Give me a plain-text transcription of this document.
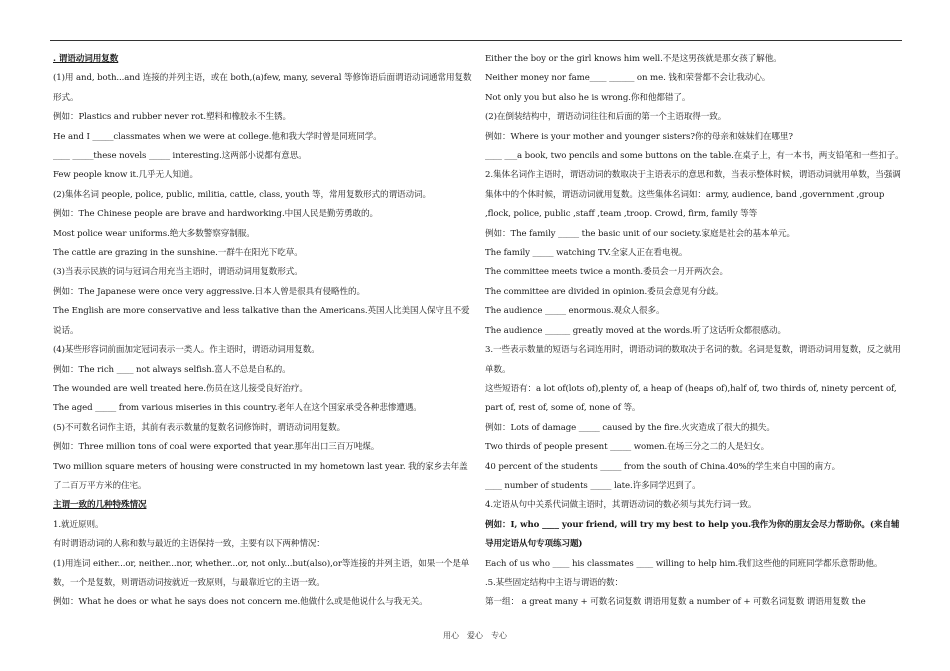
. 谓语动词用复数

(1)用 and, both...and 连接的并列主语，或在 both,(a)few, many, several 等修饰语后面谓语动词通常用复数形式。

例如：Plastics and rubber never rot.塑料和橡胶永不生锈。

He and I _____classmates when we were at college.他和我大学时曾是同班同学。

____ _____these novels _____ interesting.这两部小说都有意思。

Few people know it.几乎无人知道。

(2)集体名词 people, police, public, militia, cattle, class, youth 等，常用复数形式的谓语动词。

例如：The Chinese people are brave and hardworking.中国人民是勤劳勇敢的。

Most police wear uniforms.绝大多数警察穿制服。

The cattle are grazing in the sunshine.一群牛在阳光下吃草。

(3)当表示民族的词与冠词合用充当主语时，谓语动词用复数形式。

例如：The Japanese were once very aggressive.日本人曾是很具有侵略性的。

The English are more conservative and less talkative than the Americans.英国人比美国人保守且不爱说话。

(4)某些形容词前面加定冠词表示一类人。作主语时，谓语动词用复数。

例如：The rich ____ not always selfish.富人不总是自私的。

The wounded are well treated here.伤员在这儿接受良好治疗。

The aged _____ from various miseries in this country.老年人在这个国家承受各种悲惨遭遇。

(5)不可数名词作主语，其前有表示数量的复数名词修饰时，谓语动词用复数。

例如：Three million tons of coal were exported that year.那年出口三百万吨煤。

Two million square meters of housing were constructed in my hometown last year. 我的家乡去年盖了二百万平方米的住宅。

主谓一致的几种特殊情况

1.就近原则。

有时谓语动词的人称和数与最近的主语保持一致，主要有以下两种情况：

(1)用连词 either...or, neither...nor, whether...or, not only...but(also),or等连接的并列主语，如果一个是单数，一个是复数，则谓语动词按就近一致原则，与最靠近它的主语一致。

例如：What he does or what he says does not concern me.他做什么或是他说什么与我无关。

Either the boy or the girl knows him well.不是这男孩就是那女孩了解他。

Neither money nor fame____ ______ on me. 钱和荣誉都不会让我动心。

Not only you but also he is wrong.你和他都错了。

(2)在倒装结构中，谓语动词往往和后面的第一个主语取得一致。

例如：Where is your mother and younger sisters?你的母亲和妹妹们在哪里?

____ ___a book, two pencils and some buttons on the table.在桌子上，有一本书，两支铅笔和一些扣子。

2.集体名词作主语时，谓语动词的数取决于主语表示的意思和数，当表示整体时候，谓语动词就用单数，当强调集体中的个体时候，谓语动词就用复数。这些集体名词如：army, audience, band ,government ,group ,flock, police, public ,staff ,team ,troop. Crowd, firm, family 等等

例如：The family _____ the basic unit of our society.家庭是社会的基本单元。

The family _____ watching TV.全家人正在看电视。

The committee meets twice a month.委员会一月开两次会。

The committee are divided in opinion.委员会意见有分歧。

The audience _____ enormous.观众人很多。

The audience ______ greatly moved at the words.听了这话听众都很感动。

3.一些表示数量的短语与名词连用时，谓语动词的数取决于名词的数。名词是复数，谓语动词用复数，反之就用单数。

这些短语有：a lot of(lots of),plenty of, a heap of (heaps of),half of, two thirds of, ninety percent of, part of, rest of, some of, none of 等。

例如：Lots of damage _____ caused by the fire.火灾造成了很大的损失。

Two thirds of people present _____ women.在场三分之二的人是妇女。

40 percent of the students _____ from the south of China.40%的学生来自中国的南方。

____ number of students _____ late.许多同学迟到了。

4.定语从句中关系代词做主语时，其谓语动词的数必须与其先行词一致。

例如：I, who ____ your friend, will try my best to help you.我作为你的朋友会尽力帮助你。(来自辅导用定语从句专项练习题)

Each of us who ____ his classmates ____ willing to help him.我们这些他的同班同学都乐意帮助他。

.5.某些固定结构中主语与谓语的数：

第一组： a great many + 可数名词复数 谓语用复数 a number of + 可数名词复数 谓语用复数 the

用心　爱心　专心
